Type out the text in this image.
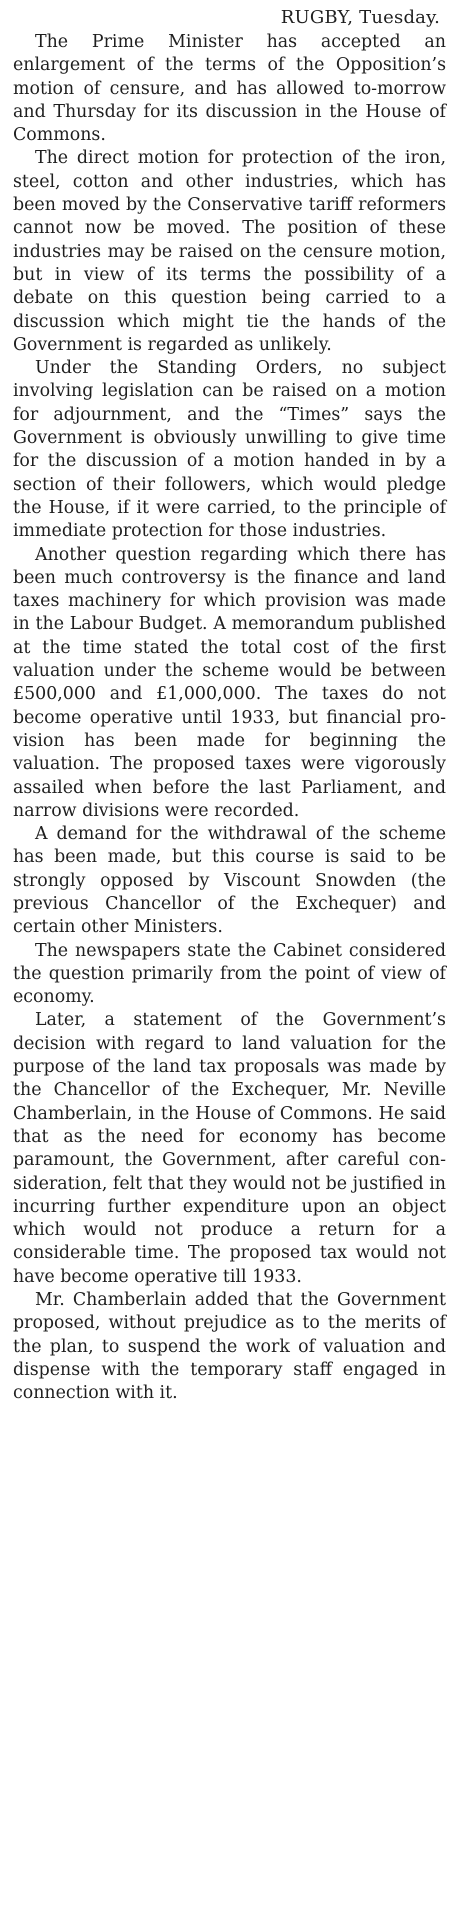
RUGBY, Tuesday.

The Prime Minister has accepted an enlargement of the terms of the Opposition’s motion of censure, and has allowed to-morrow and Thursday for its discussion in the House of Commons.

The direct motion for protection of the iron, steel, cotton and other industries, which has been moved by the Conservative tariff reformers cannot now be moved. The position of these industries may be raised on the censure motion, but in view of its terms the possibility of a debate on this question being carried to a discussion which might tie the hands of the Government is regarded as unlikely.

Under the Standing Orders, no subject involving legislation can be raised on a motion for adjournment, and the “Times” says the Government is obviously unwilling to give time for the discussion of a motion handed in by a section of their followers, which would pledge the House, if it were carried, to the principle of immediate protection for those industries.

Another question regarding which there has been much controversy is the finance and land taxes machinery for which provision was made in the Labour Budget. A memorandum published at the time stated the total cost of the first valuation under the scheme would be between £500,000 and £1,000,000. The taxes do not become operative until 1933, but financial provision has been made for beginning the valuation. The proposed taxes were vigorously assailed when before the last Parliament, and narrow divisions were recorded.

A demand for the withdrawal of the scheme has been made, but this course is said to be strongly opposed by Viscount Snowden (the previous Chancellor of the Exchequer) and certain other Ministers.

The newspapers state the Cabinet considered the question primarily from the point of view of economy.

Later, a statement of the Government’s decision with regard to land valuation for the purpose of the land tax proposals was made by the Chancellor of the Exchequer, Mr. Neville Chamberlain, in the House of Commons. He said that as the need for economy has become paramount, the Government, after careful consideration, felt that they would not be justified in incurring further expenditure upon an object which would not produce a return for a considerable time. The proposed tax would not have become operative till 1933.

Mr. Chamberlain added that the Government proposed, without prejudice as to the merits of the plan, to suspend the work of valuation and dispense with the temporary staff engaged in connection with it.
